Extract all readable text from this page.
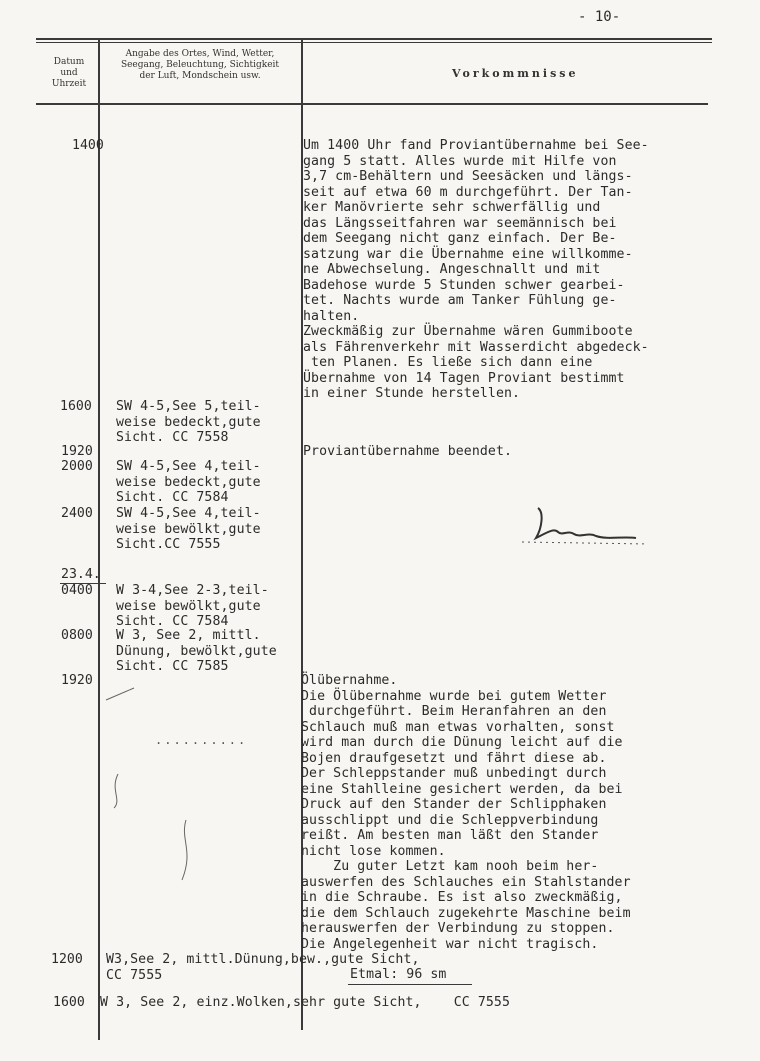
- 10-
Datum
und
Uhrzeit
Angabe des Ortes, Wind, Wetter,
Seegang, Beleuchtung, Sichtigkeit
der Luft, Mondschein usw.	Vorkommnisse
1400
1600
1920
2000
2400
23.4.
0400
0800
1920
1200
1600
SW 4-5,See 5,teil-
weise bedeckt,gute
Sicht. CC 7558
SW 4-5,See 4,teil-
weise bedeckt,gute
Sicht. CC 7584
SW 4-5,See 4,teil-
weise bewölkt,gute
Sicht.CC 7555
W 3-4,See 2-3,teil-
weise bewölkt,gute
Sicht. CC 7584
W 3, See 2, mittl.
Dünung, bewölkt,gute
Sicht. CC 7585
W3,See 2, mittl.Dünung,bew.,gute Sicht,
CC 7555
W 3, See 2, einz.Wolken,sehr gute Sicht,    CC 7555
Um 1400 Uhr fand Proviantübernahme bei See-
gang 5 statt. Alles wurde mit Hilfe von
3,7 cm-Behältern und Seesäcken und längs-
seit auf etwa 60 m durchgeführt. Der Tan-
ker Manövrierte sehr schwerfällig und
das Längsseitfahren war seemännisch bei
dem Seegang nicht ganz einfach. Der Be-
satzung war die Übernahme eine willkomme-
ne Abwechselung. Angeschnallt und mit
Badehose wurde 5 Stunden schwer gearbei-
tet. Nachts wurde am Tanker Fühlung ge-
halten.
Zweckmäßig zur Übernahme wären Gummiboote
als Fährenverkehr mit Wasserdicht abgedeck-
ten Planen. Es ließe sich dann eine
Übernahme von 14 Tagen Proviant bestimmt
in einer Stunde herstellen.
Proviantübernahme beendet.
Ölübernahme.
Die Ölübernahme wurde bei gutem Wetter
durchgeführt. Beim Heranfahren an den
Schlauch muß man etwas vorhalten, sonst
wird man durch die Dünung leicht auf die
Bojen draufgesetzt und fährt diese ab.
Der Schleppstander muß unbedingt durch
eine Stahlleine gesichert werden, da bei
Druck auf den Stander der Schlipphaken
ausschlippt und die Schleppverbindung
reißt. Am besten man läßt den Stander
nicht lose kommen.
Zu guter Letzt kam nooh beim her-
auswerfen des Schlauches ein Stahlstander
in die Schraube. Es ist also zweckmäßig,
die dem Schlauch zugekehrte Maschine beim
herauswerfen der Verbindung zu stoppen.
Die Angelegenheit war nicht tragisch.
Etmal: 96 sm
..........
